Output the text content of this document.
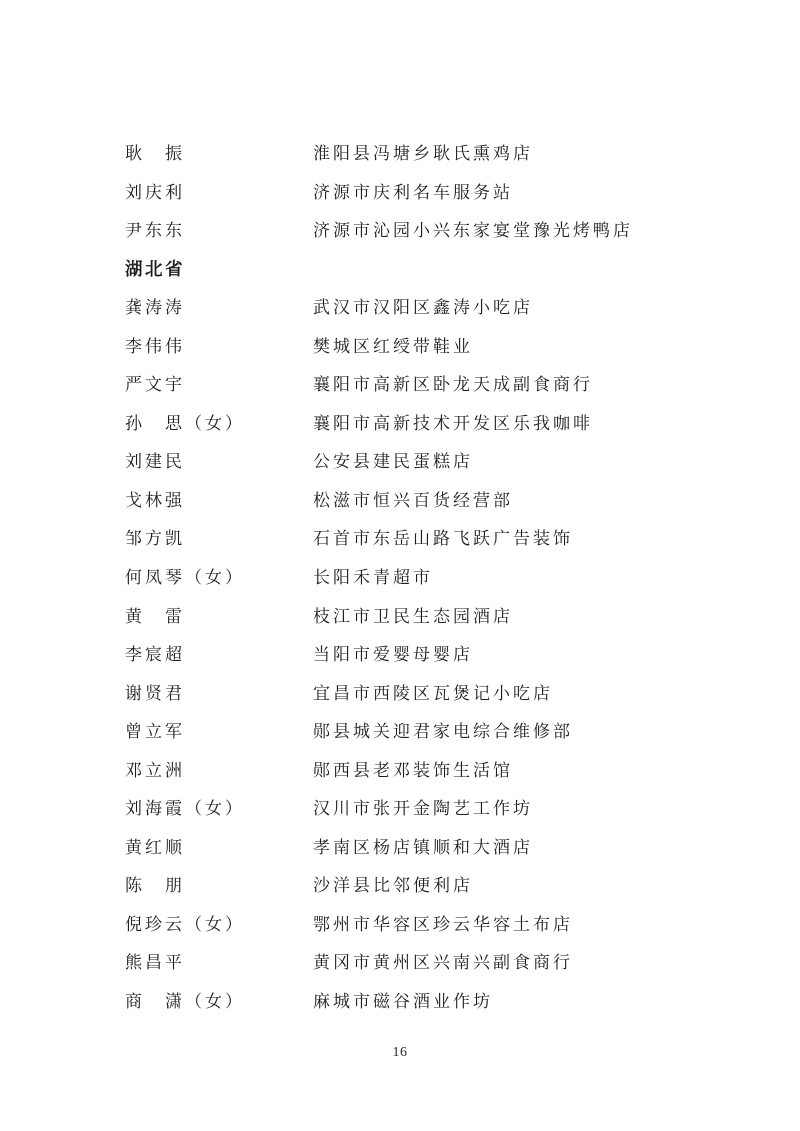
耿　振	淮阳县冯塘乡耿氏熏鸡店
刘庆利	济源市庆利名车服务站
尹东东	济源市沁园小兴东家宴堂豫光烤鸭店
湖北省
龚涛涛	武汉市汉阳区鑫涛小吃店
李伟伟	樊城区红绶带鞋业
严文宇	襄阳市高新区卧龙天成副食商行
孙　思（女）	襄阳市高新技术开发区乐我咖啡
刘建民	公安县建民蛋糕店
戈林强	松滋市恒兴百货经营部
邹方凯	石首市东岳山路飞跃广告装饰
何凤琴（女）	长阳禾青超市
黄　雷	枝江市卫民生态园酒店
李宸超	当阳市爱婴母婴店
谢贤君	宜昌市西陵区瓦煲记小吃店
曾立军	郧县城关迎君家电综合维修部
邓立洲	郧西县老邓装饰生活馆
刘海霞（女）	汉川市张开金陶艺工作坊
黄红顺	孝南区杨店镇顺和大酒店
陈　朋	沙洋县比邻便利店
倪珍云（女）	鄂州市华容区珍云华容土布店
熊昌平	黄冈市黄州区兴南兴副食商行
商　潇（女）	麻城市磁谷酒业作坊
16
